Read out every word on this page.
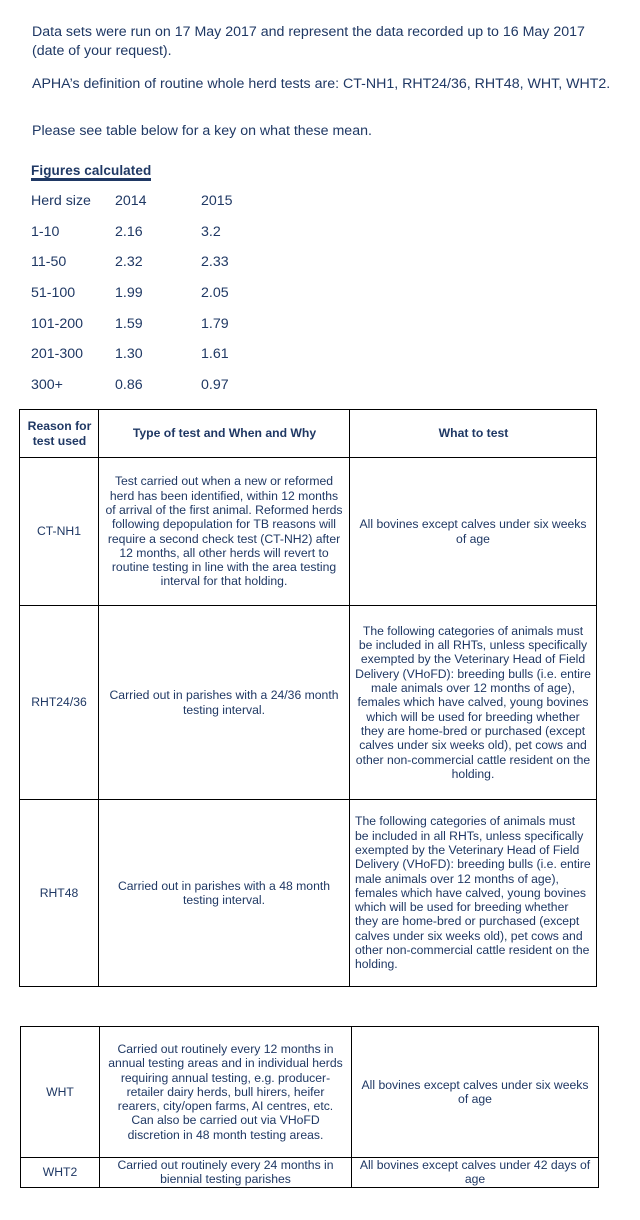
Data sets were run on 17 May 2017 and represent the data recorded up to 16 May 2017 (date of your request).

APHA’s definition of routine whole herd tests are: CT-NH1, RHT24/36, RHT48, WHT, WHT2.

Please see table below for a key on what these mean.

Figures calculated
Herd size 2014	2015
1-10	2.16	3.2
11-50	2.32	2.33
51-100	1.99	2.05
101-200 1.59	1.79
201-300 1.30	1.61
300+	0.86	0.97
Reason for test used	Type of test and When and Why	What to test
CT-NH1	Test carried out when a new or reformed herd has been identified, within 12 months of arrival of the first animal. Reformed herds following depopulation for TB reasons will require a second check test (CT-NH2) after 12 months, all other herds will revert to routine testing in line with the area testing interval for that holding.	All bovines except calves under six weeks of age
RHT24/36	Carried out in parishes with a 24/36 month testing interval.	The following categories of animals must be included in all RHTs, unless specifically exempted by the Veterinary Head of Field Delivery (VHoFD): breeding bulls (i.e. entire male animals over 12 months of age), females which have calved, young bovines which will be used for breeding whether they are home-bred or purchased (except calves under six weeks old), pet cows and other non-commercial cattle resident on the holding.
RHT48	Carried out in parishes with a 48 month testing interval.	The following categories of animals must be included in all RHTs, unless specifically exempted by the Veterinary Head of Field Delivery (VHoFD): breeding bulls (i.e. entire male animals over 12 months of age), females which have calved, young bovines which will be used for breeding whether they are home-bred or purchased (except calves under six weeks old), pet cows and other non-commercial cattle resident on the holding.
WHT	Carried out routinely every 12 months in annual testing areas and in individual herds requiring annual testing, e.g. producer-retailer dairy herds, bull hirers, heifer rearers, city/open farms, AI centres, etc. Can also be carried out via VHoFD discretion in 48 month testing areas.	All bovines except calves under six weeks of age
WHT2	Carried out routinely every 24 months in biennial testing parishes	All bovines except calves under 42 days of age
